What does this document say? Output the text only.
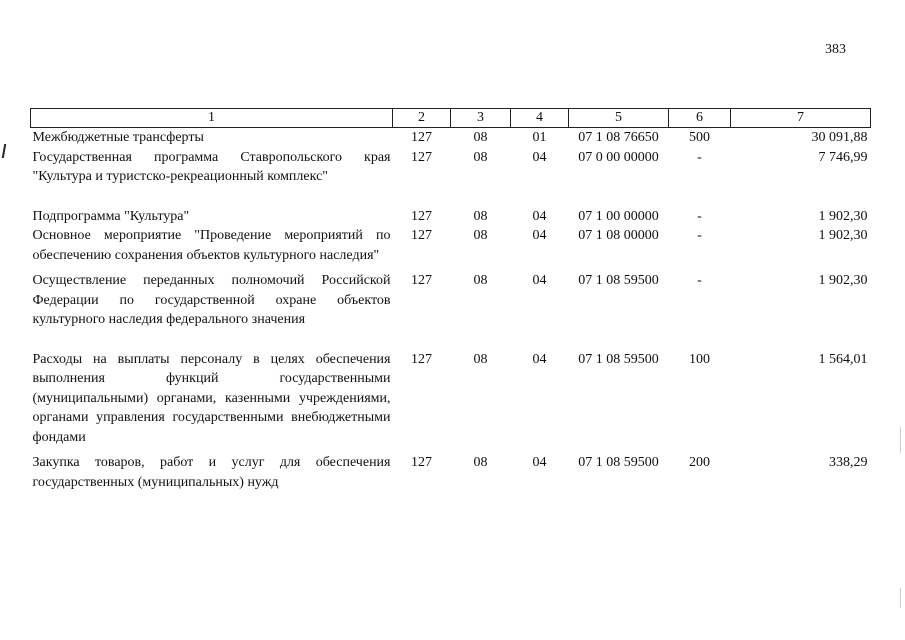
383
1	2	3	4	5	6	7
Межбюджетные трансферты	127	08	01	07 1 08 76650	500	30 091,88
Государственная программа Ставропольского края "Культура и туристско-рекреационный комплекс"	127	08	04	07 0 00 00000	-	7 746,99
Подпрограмма "Культура"	127	08	04	07 1 00 00000	-	1 902,30
Основное мероприятие "Проведение мероприятий по обеспечению сохранения объектов культурного наследия"	127	08	04	07 1 08 00000	-	1 902,30
Осуществление переданных полномочий Российской Федерации по государственной охране объектов культурного наследия федерального значения	127	08	04	07 1 08 59500	-	1 902,30
Расходы на выплаты персоналу в целях обеспечения выполнения функций государственными (муниципальными) органами, казенными учреждениями, органами управления государственными внебюджетными фондами	127	08	04	07 1 08 59500	100	1 564,01
Закупка товаров, работ и услуг для обеспечения государственных (муниципальных) нужд	127	08	04	07 1 08 59500	200	338,29
